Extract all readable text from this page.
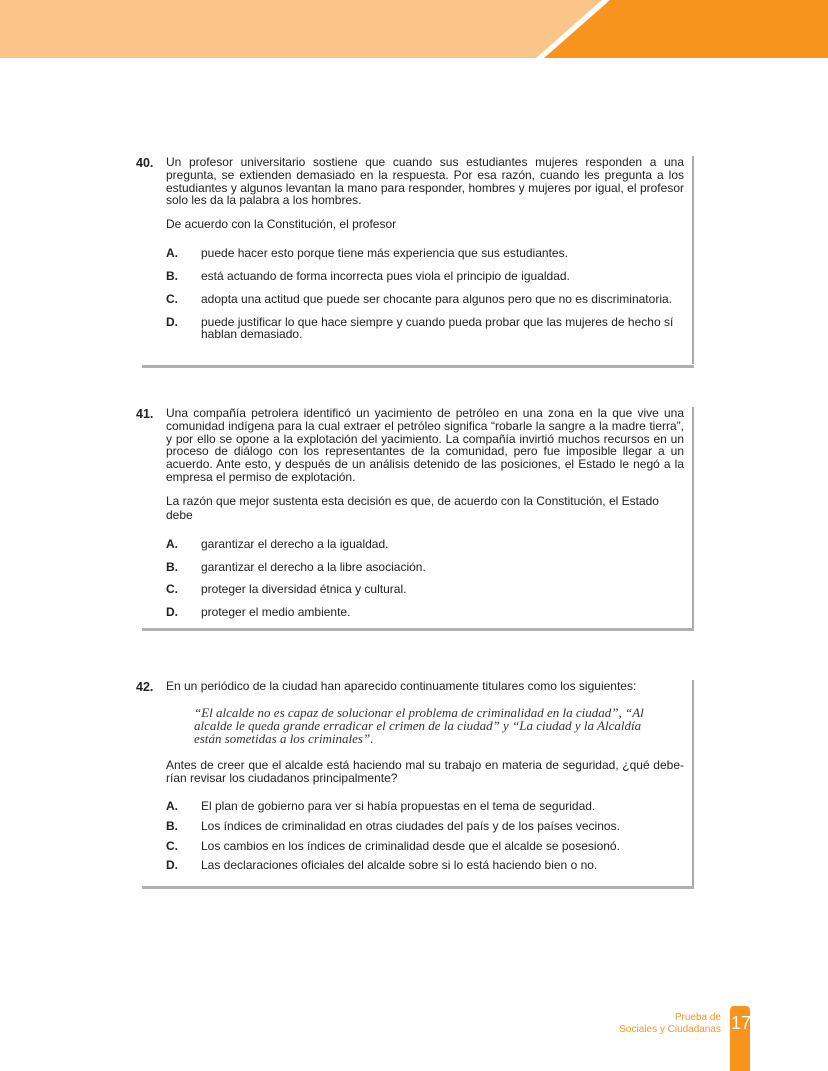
40. Un profesor universitario sostiene que cuando sus estudiantes mujeres responden a una pregunta, se extienden demasiado en la respuesta. Por esa razón, cuando les pregunta a los estudiantes y algunos levantan la mano para responder, hombres y mujeres por igual, el profesor solo les da la palabra a los hombres.

De acuerdo con la Constitución, el profesor

A. puede hacer esto porque tiene más experiencia que sus estudiantes.
B. está actuando de forma incorrecta pues viola el principio de igualdad.
C. adopta una actitud que puede ser chocante para algunos pero que no es discriminatoria.
D. puede justificar lo que hace siempre y cuando pueda probar que las mujeres de hecho sí hablan demasiado.
41. Una compañía petrolera identificó un yacimiento de petróleo en una zona en la que vive una comunidad indígena para la cual extraer el petróleo significa “robarle la sangre a la madre tierra”, y por ello se opone a la explotación del yacimiento. La compañía invirtió muchos recursos en un proceso de diálogo con los representantes de la comunidad, pero fue imposible llegar a un acuerdo. Ante esto, y después de un análisis detenido de las posiciones, el Estado le negó a la empresa el permiso de explotación.

La razón que mejor sustenta esta decisión es que, de acuerdo con la Constitución, el Estado debe

A. garantizar el derecho a la igualdad.
B. garantizar el derecho a la libre asociación.
C. proteger la diversidad étnica y cultural.
D. proteger el medio ambiente.
42. En un periódico de la ciudad han aparecido continuamente titulares como los siguientes:

“El alcalde no es capaz de solucionar el problema de criminalidad en la ciudad”, “Al alcalde le queda grande erradicar el crimen de la ciudad” y “La ciudad y la Alcaldía están sometidas a los criminales”.

Antes de creer que el alcalde está haciendo mal su trabajo en materia de seguridad, ¿qué debe-rían revisar los ciudadanos principalmente?

A. El plan de gobierno para ver si había propuestas en el tema de seguridad.
B. Los índices de criminalidad en otras ciudades del país y de los países vecinos.
C. Los cambios en los índices de criminalidad desde que el alcalde se posesionó.
D. Las declaraciones oficiales del alcalde sobre si lo está haciendo bien o no.
Prueba de
Sociales y Ciudadanas 17
